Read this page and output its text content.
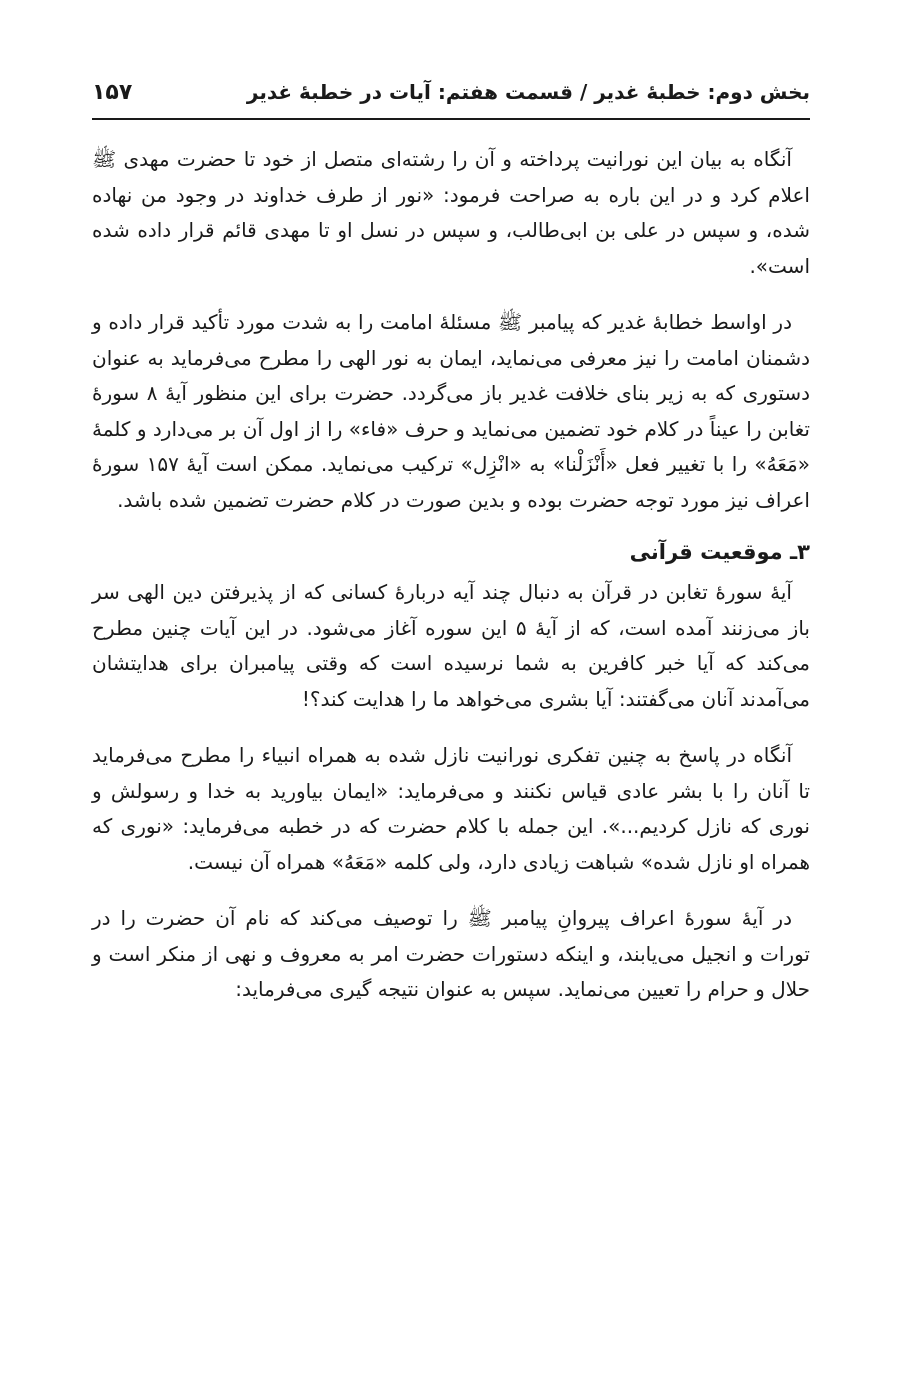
بخش دوم: خطبهٔ غدیر / قسمت هفتم: آیات در خطبهٔ غدیر
۱۵۷

آنگاه به بیان این نورانیت پرداخته و آن را رشته‌ای متصل از خود تا حضرت مهدی ﷺ اعلام کرد و در این باره به صراحت فرمود: «نور از طرف خداوند در وجود من نهاده شده، و سپس در علی بن ابی‌طالب، و سپس در نسل او تا مهدی قائم قرار داده شده است».

در اواسط خطابهٔ غدیر که پیامبر ﷺ مسئلهٔ امامت را به شدت مورد تأکید قرار داده و دشمنان امامت را نیز معرفی می‌نماید، ایمان به نور الهی را مطرح می‌فرماید به عنوان دستوری که به زیر بنای خلافت غدیر باز می‌گردد. حضرت برای این منظور آیهٔ ۸ سورهٔ تغابن را عیناً در کلام خود تضمین می‌نماید و حرف «فاء» را از اول آن بر می‌دارد و کلمهٔ «مَعَهُ» را با تغییر فعل «أَنْزَلْنا» به «انْزِل» ترکیب می‌نماید. ممکن است آیهٔ ۱۵۷ سورهٔ اعراف نیز مورد توجه حضرت بوده و بدین صورت در کلام حضرت تضمین شده باشد.

۳ـ موقعیت قرآنی

آیهٔ سورهٔ تغابن در قرآن به دنبال چند آیه دربارهٔ کسانی که از پذیرفتن دین الهی سر باز می‌زنند آمده است، که از آیهٔ ۵ این سوره آغاز می‌شود. در این آیات چنین مطرح می‌کند که آیا خبر کافرین به شما نرسیده است که وقتی پیامبران برای هدایتشان می‌آمدند آنان می‌گفتند: آیا بشری می‌خواهد ما را هدایت کند؟!

آنگاه در پاسخ به چنین تفکری نورانیت نازل شده به همراه انبیاء را مطرح می‌فرماید تا آنان را با بشر عادی قیاس نکنند و می‌فرماید: «ایمان بیاورید به خدا و رسولش و نوری که نازل کردیم...». این جمله با کلام حضرت که در خطبه می‌فرماید: «نوری که همراه او نازل شده» شباهت زیادی دارد، ولی کلمه «مَعَهُ» همراه آن نیست.

در آیهٔ سورهٔ اعراف پیروانِ پیامبر ﷺ را توصیف می‌کند که نام آن حضرت را در تورات و انجیل می‌یابند، و اینکه دستورات حضرت امر به معروف و نهی از منکر است و حلال و حرام را تعیین می‌نماید. سپس به عنوان نتیجه گیری می‌فرماید:
